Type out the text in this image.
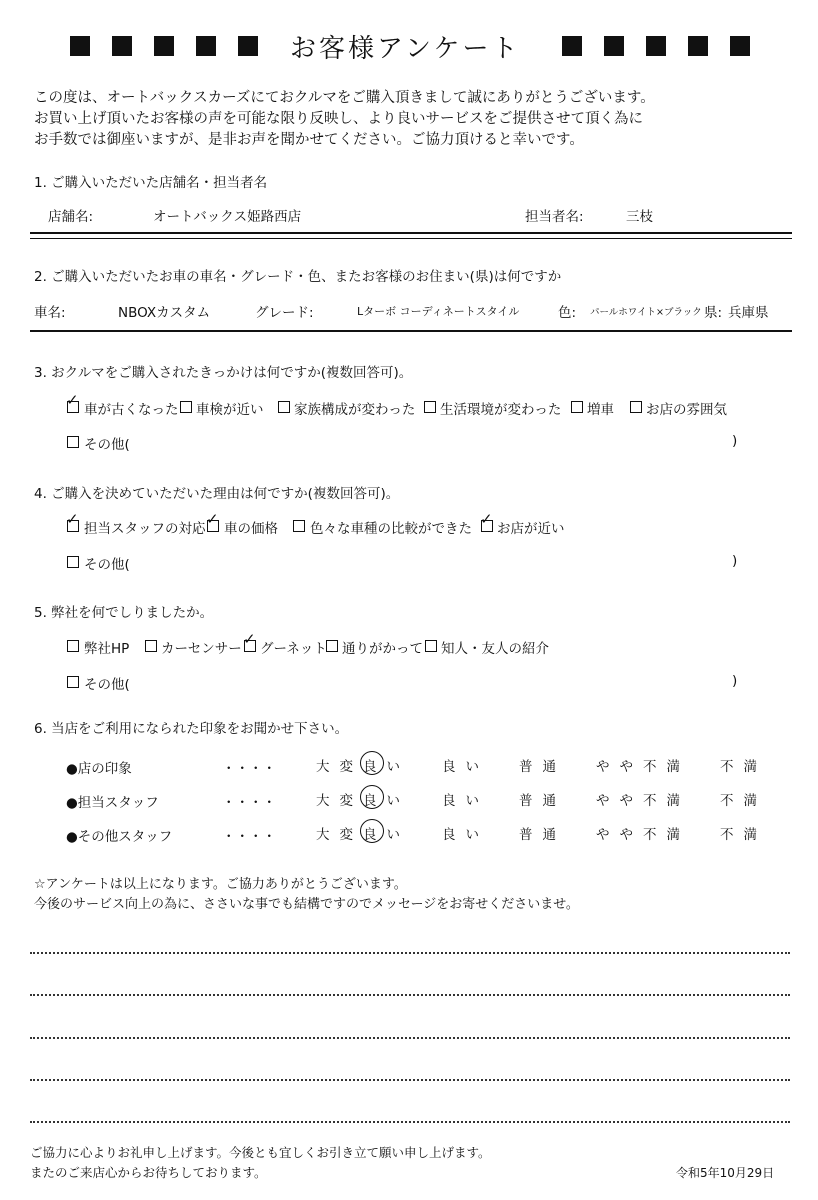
お客様アンケート
この度は、オートバックスカーズにておクルマをご購入頂きまして誠にありがとうございます。
お買い上げ頂いたお客様の声を可能な限り反映し、より良いサービスをご提供させて頂く為に
お手数では御座いますが、是非お声を聞かせてください。ご協力頂けると幸いです。
1. ご購入いただいた店舗名・担当者名
店舗名:	オートバックス姫路西店	担当者名:	三枝
2. ご購入いただいたお車の車名・グレード・色、またお客様のお住まい(県)は何ですか
車名:	NBOXカスタム	グレード:	Lターボ コーディネートスタイル	色: パールホワイト×ブラック 県: 兵庫県
3. おクルマをご購入されたきっかけは何ですか(複数回答可)。
✓
車が古くなった 車検が近い 家族構成が変わった 生活環境が変わった 増車 お店の雰囲気
その他(	)
4. ご購入を決めていただいた理由は何ですか(複数回答可)。
✓
担当スタッフの対応
✓
車の価格 色々な車種の比較ができた
✓
お店が近い
その他(	)
5. 弊社を何でしりましたか。
弊社HP カーセンサー
✓
グーネット 通りがかって 知人・友人の紹介
その他(	)
6. 当店をご利用になられた印象をお聞かせ下さい。
●店の印象	・・・・	大変良い 良い 普通 やや不満 不満
●担当スタッフ	・・・・	大変良い 良い 普通 やや不満 不満
●その他スタッフ	・・・・	大変良い 良い 普通 やや不満 不満
☆アンケートは以上になります。ご協力ありがとうございます。
今後のサービス向上の為に、ささいな事でも結構ですのでメッセージをお寄せくださいませ。
ご協力に心よりお礼申し上げます。今後とも宜しくお引き立て願い申し上げます。
またのご来店心からお待ちしております。	令和5年10月29日
